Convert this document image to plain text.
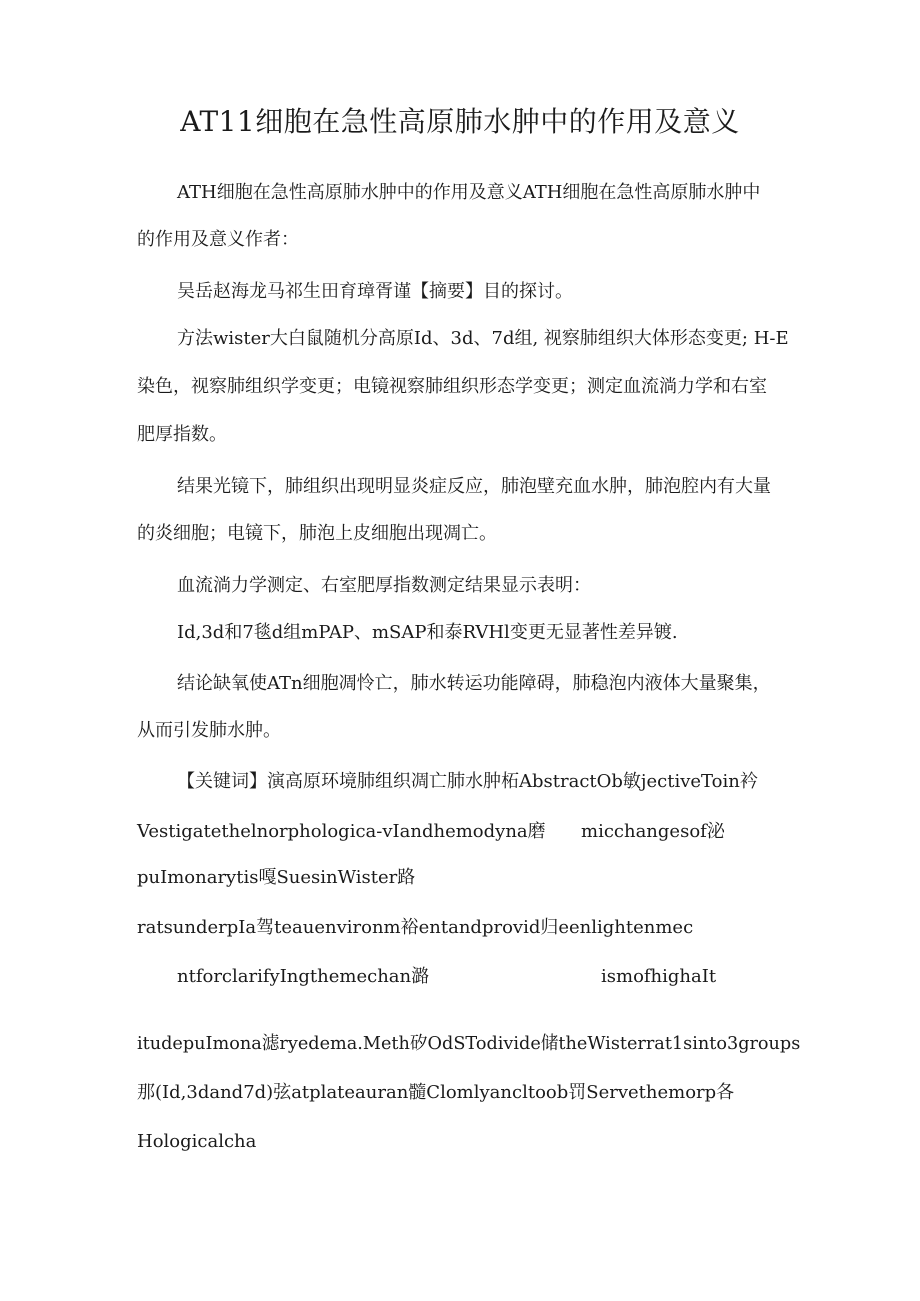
AT11细胞在急性高原肺水肿中的作用及意义
ATH细胞在急性高原肺水肿中的作用及意义ATH细胞在急性高原肺水肿中
的作用及意义作者：
吴岳赵海龙马祁生田育璋胥谨【摘要】目的探讨。
方法wister大白鼠随机分高原Id、3d、7d组, 视察肺组织大体形态变更; H-E
染色，视察肺组织学变更；电镜视察肺组织形态学变更；测定血流淌力学和右室
肥厚指数。
结果光镜下，肺组织出现明显炎症反应，肺泡壁充血水肿，肺泡腔内有大量
的炎细胞；电镜下，肺泡上皮细胞出现凋亡。
血流淌力学测定、右室肥厚指数测定结果显示表明：
Id,3d和7毯d组mPAP、mSAP和泰RVHl变更无显著性差异镀.
结论缺氧使ATn细胞凋怜亡，肺水转运功能障碍，肺稳泡内液体大量聚集，
从而引发肺水肿。
【关键词】演高原环境肺组织凋亡肺水肿柘AbstractOb敏jectiveToin衿
Vestigatethelnorphologica-vIandhemodyna磨 micchangesof泌
puImonarytis嘎SuesinWister路
ratsunderpIa驾teauenvironm裕entandprovid归eenlightenmec
ntforclarifyIngthemechan潞	ismofhighaIt
itudepuImona滤ryedema.Meth矽OdSTodivide储theWisterrat1sinto3groups
那(Id,3dand7d)弦atplateauran髓Clomlyancltoob罚Servethemorp各
Hologicalcha
